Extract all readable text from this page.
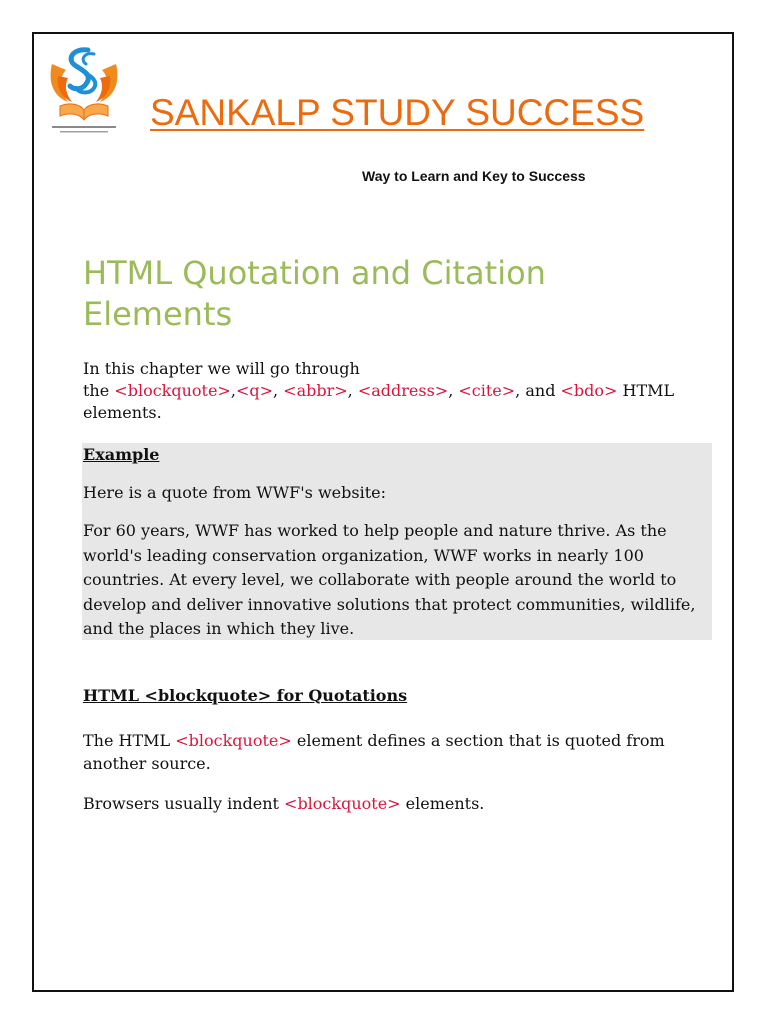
SANKALP STUDY SUCCESS

Way to Learn and Key to Success

HTML Quotation and Citation Elements

In this chapter we will go through
the <blockquote>,<q>, <abbr>, <address>, <cite>, and <bdo> HTML elements.

Example

Here is a quote from WWF's website:

For 60 years, WWF has worked to help people and nature thrive. As the world's leading conservation organization, WWF works in nearly 100 countries. At every level, we collaborate with people around the world to develop and deliver innovative solutions that protect communities, wildlife, and the places in which they live.

HTML <blockquote> for Quotations

The HTML <blockquote> element defines a section that is quoted from another source.

Browsers usually indent <blockquote> elements.
